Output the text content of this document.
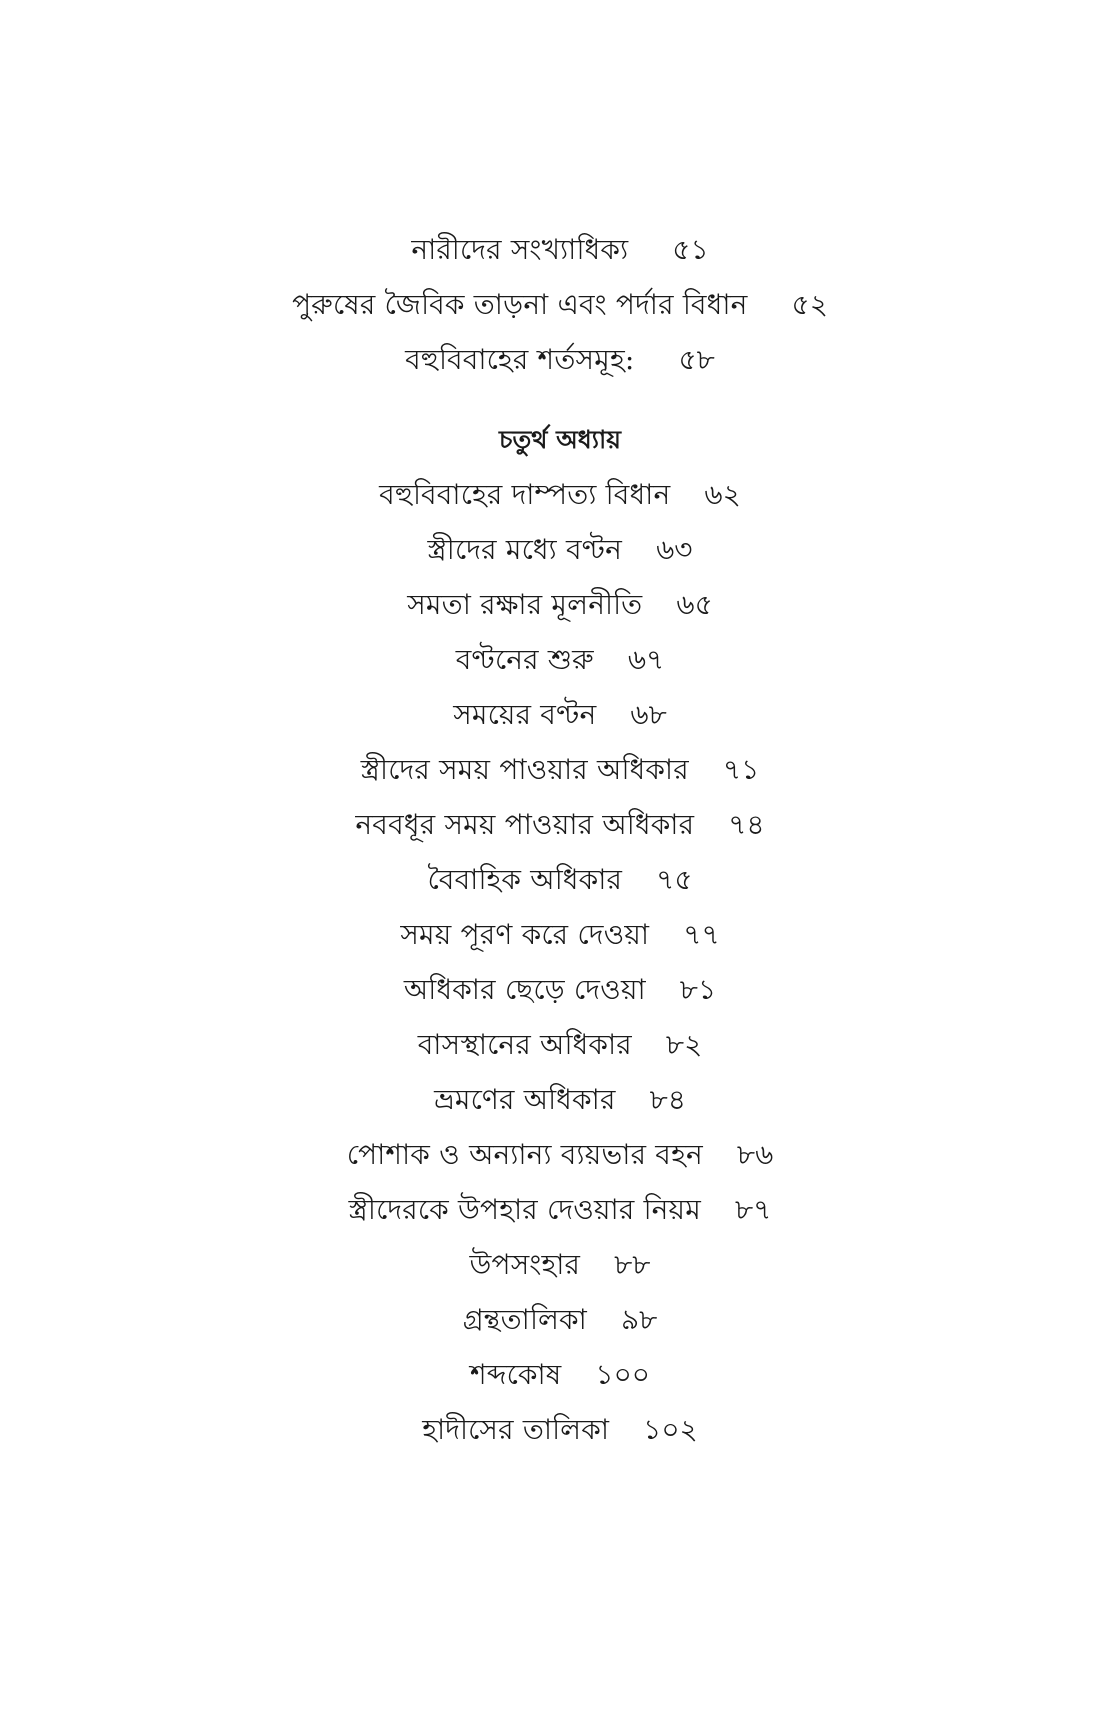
নারীদের সংখ্যাধিক্য ৫১
পুরুষের জৈবিক তাড়না এবং পর্দার বিধান ৫২
বহুবিবাহের শর্তসমূহ: ৫৮
চতুর্থ অধ্যায়
বহুবিবাহের দাম্পত্য বিধান ৬২
স্ত্রীদের মধ্যে বণ্টন ৬৩
সমতা রক্ষার মূলনীতি ৬৫
বণ্টনের শুরু ৬৭
সময়ের বণ্টন ৬৮
স্ত্রীদের সময় পাওয়ার অধিকার ৭১
নববধূর সময় পাওয়ার অধিকার ৭৪
বৈবাহিক অধিকার ৭৫
সময় পূরণ করে দেওয়া ৭৭
অধিকার ছেড়ে দেওয়া ৮১
বাসস্থানের অধিকার ৮২
ভ্রমণের অধিকার ৮৪
পোশাক ও অন্যান্য ব্যয়ভার বহন ৮৬
স্ত্রীদেরকে উপহার দেওয়ার নিয়ম ৮৭
উপসংহার ৮৮
গ্রন্থতালিকা ৯৮
শব্দকোষ ১০০
হাদীসের তালিকা ১০২
